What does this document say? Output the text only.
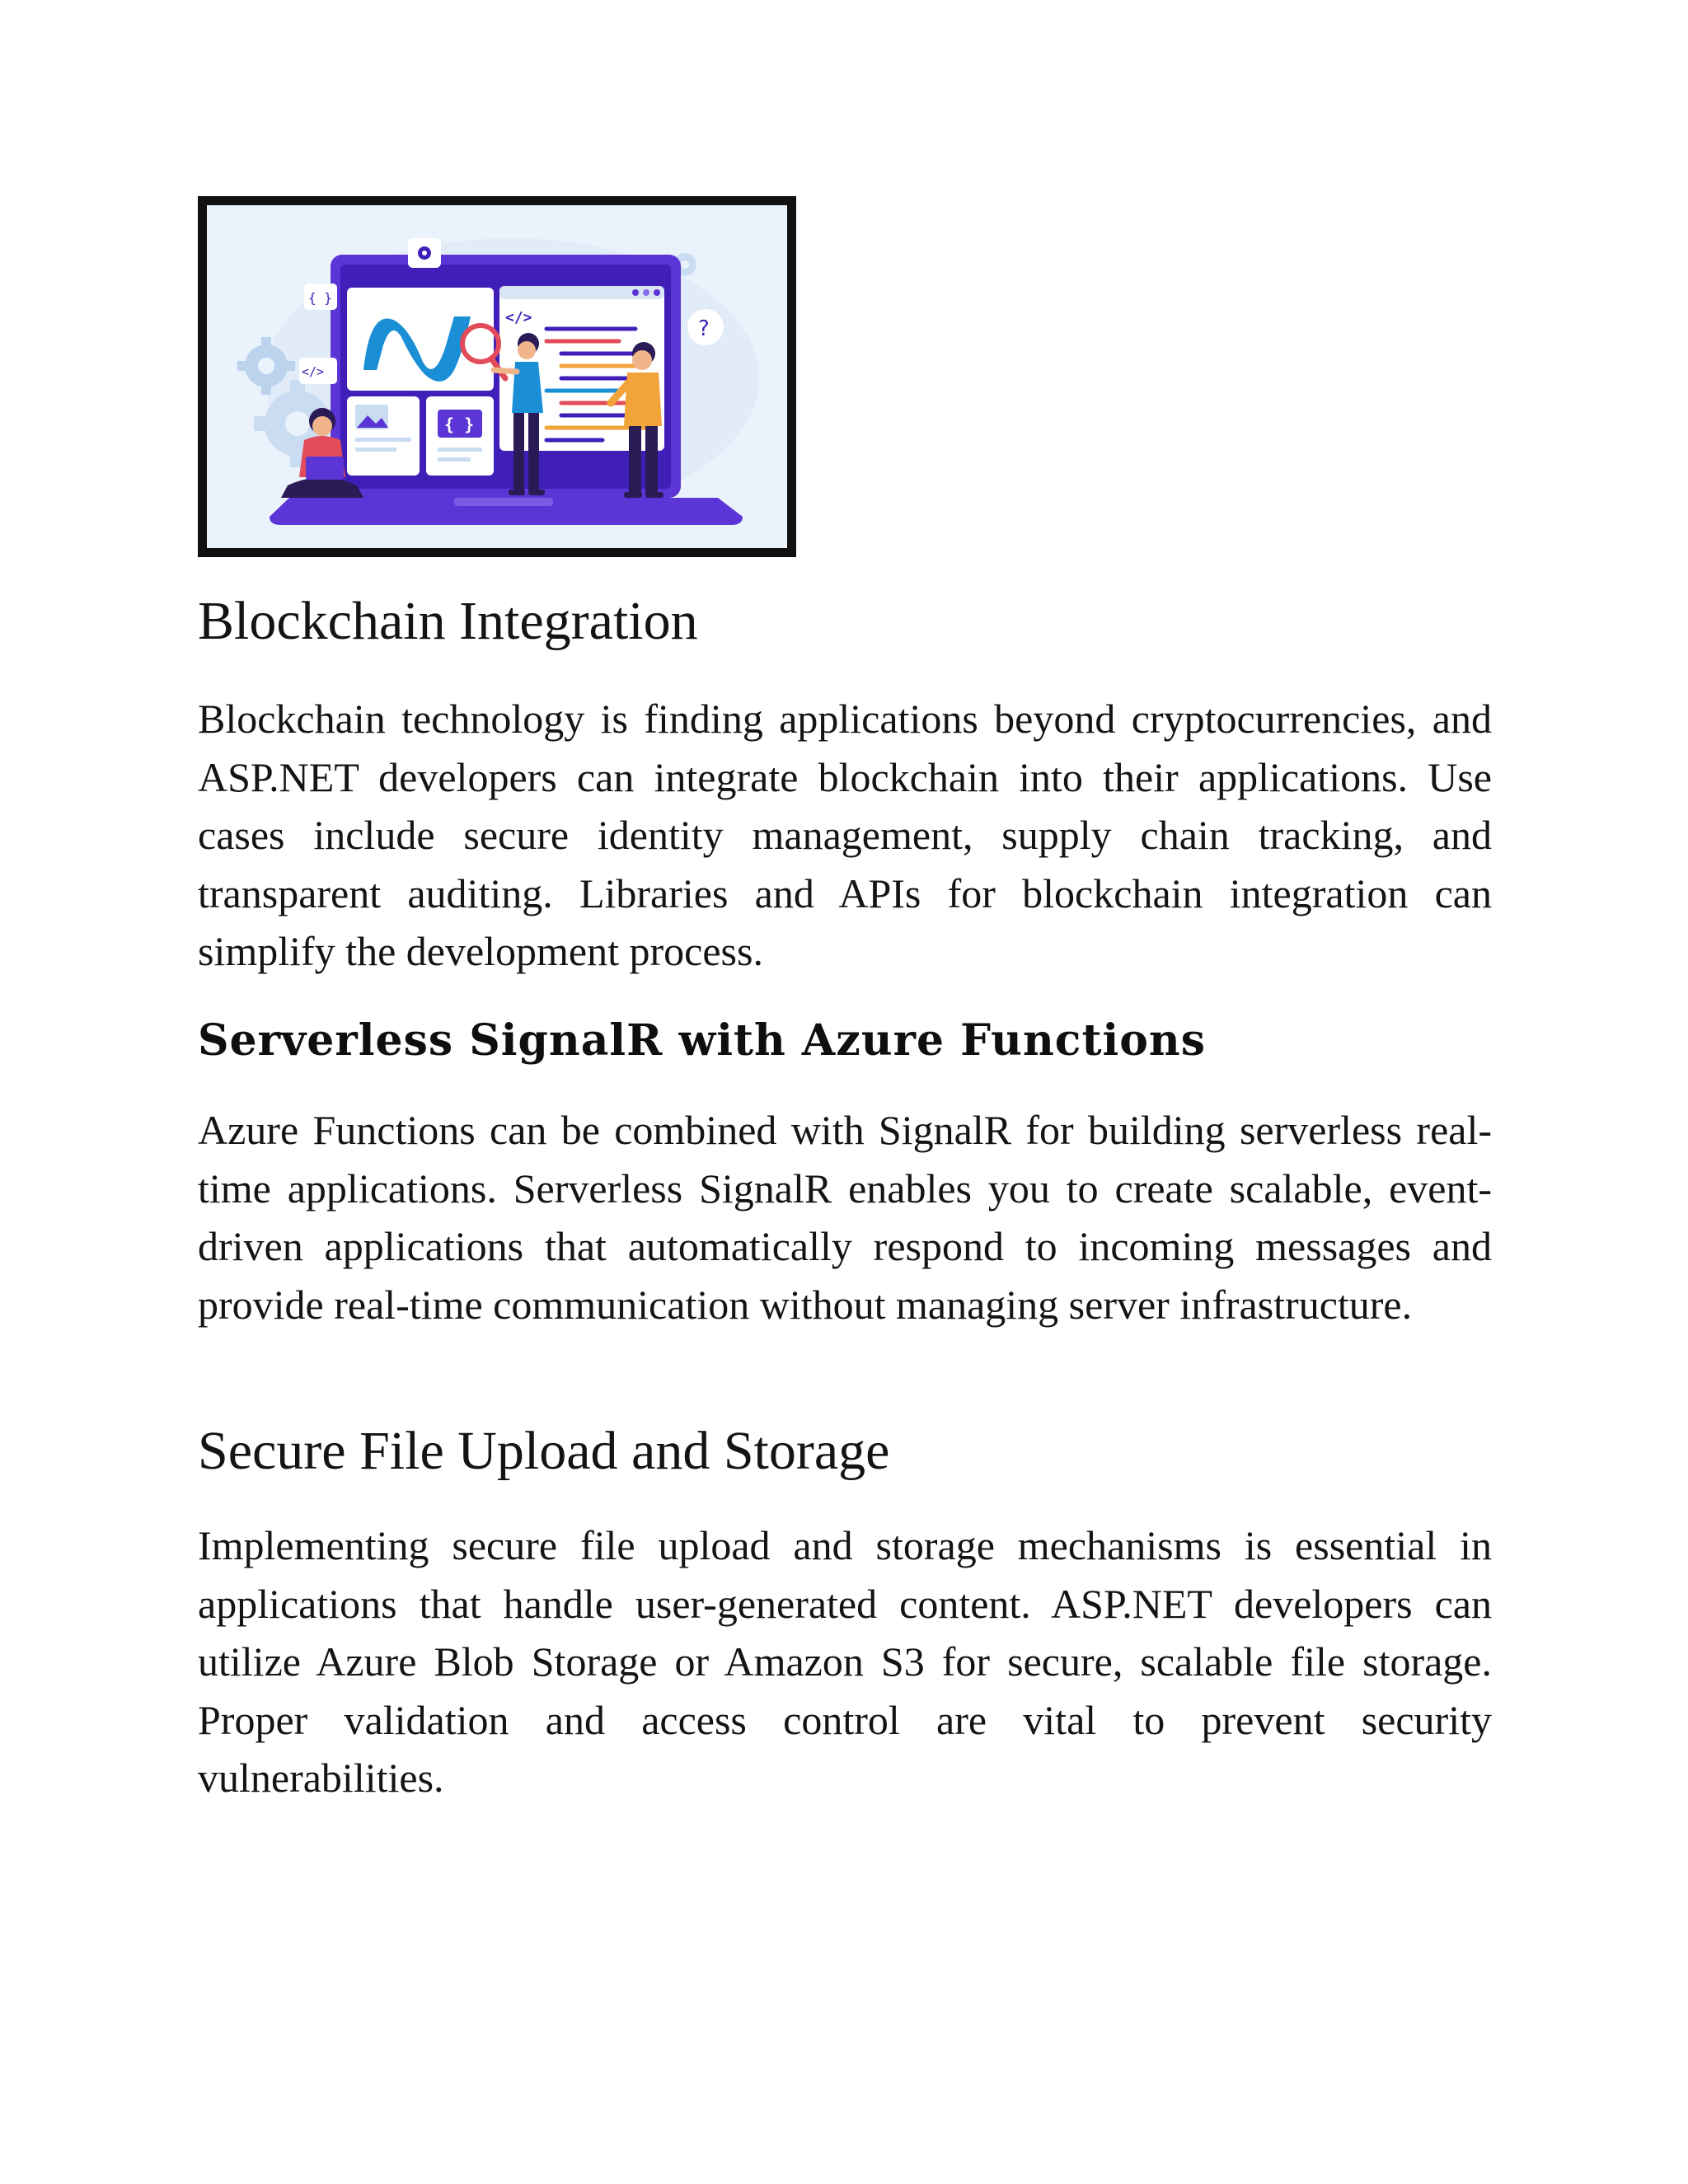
</>
{ }
{ }
</>
?
Blockchain Integration

Blockchain technology is finding applications beyond cryptocurrencies, and ASP.NET developers can integrate blockchain into their applications. Use cases include secure identity management, supply chain tracking, and transparent auditing. Libraries and APIs for blockchain integration can simplify the development process.

Serverless SignalR with Azure Functions

Azure Functions can be combined with SignalR for building serverless real-time applications. Serverless SignalR enables you to create scalable, event-driven applications that automatically respond to incoming messages and provide real-time communication without managing server infrastructure.

Secure File Upload and Storage

Implementing secure file upload and storage mechanisms is essential in applications that handle user-generated content. ASP.NET developers can utilize Azure Blob Storage or Amazon S3 for secure, scalable file storage. Proper validation and access control are vital to prevent security vulnerabilities.
